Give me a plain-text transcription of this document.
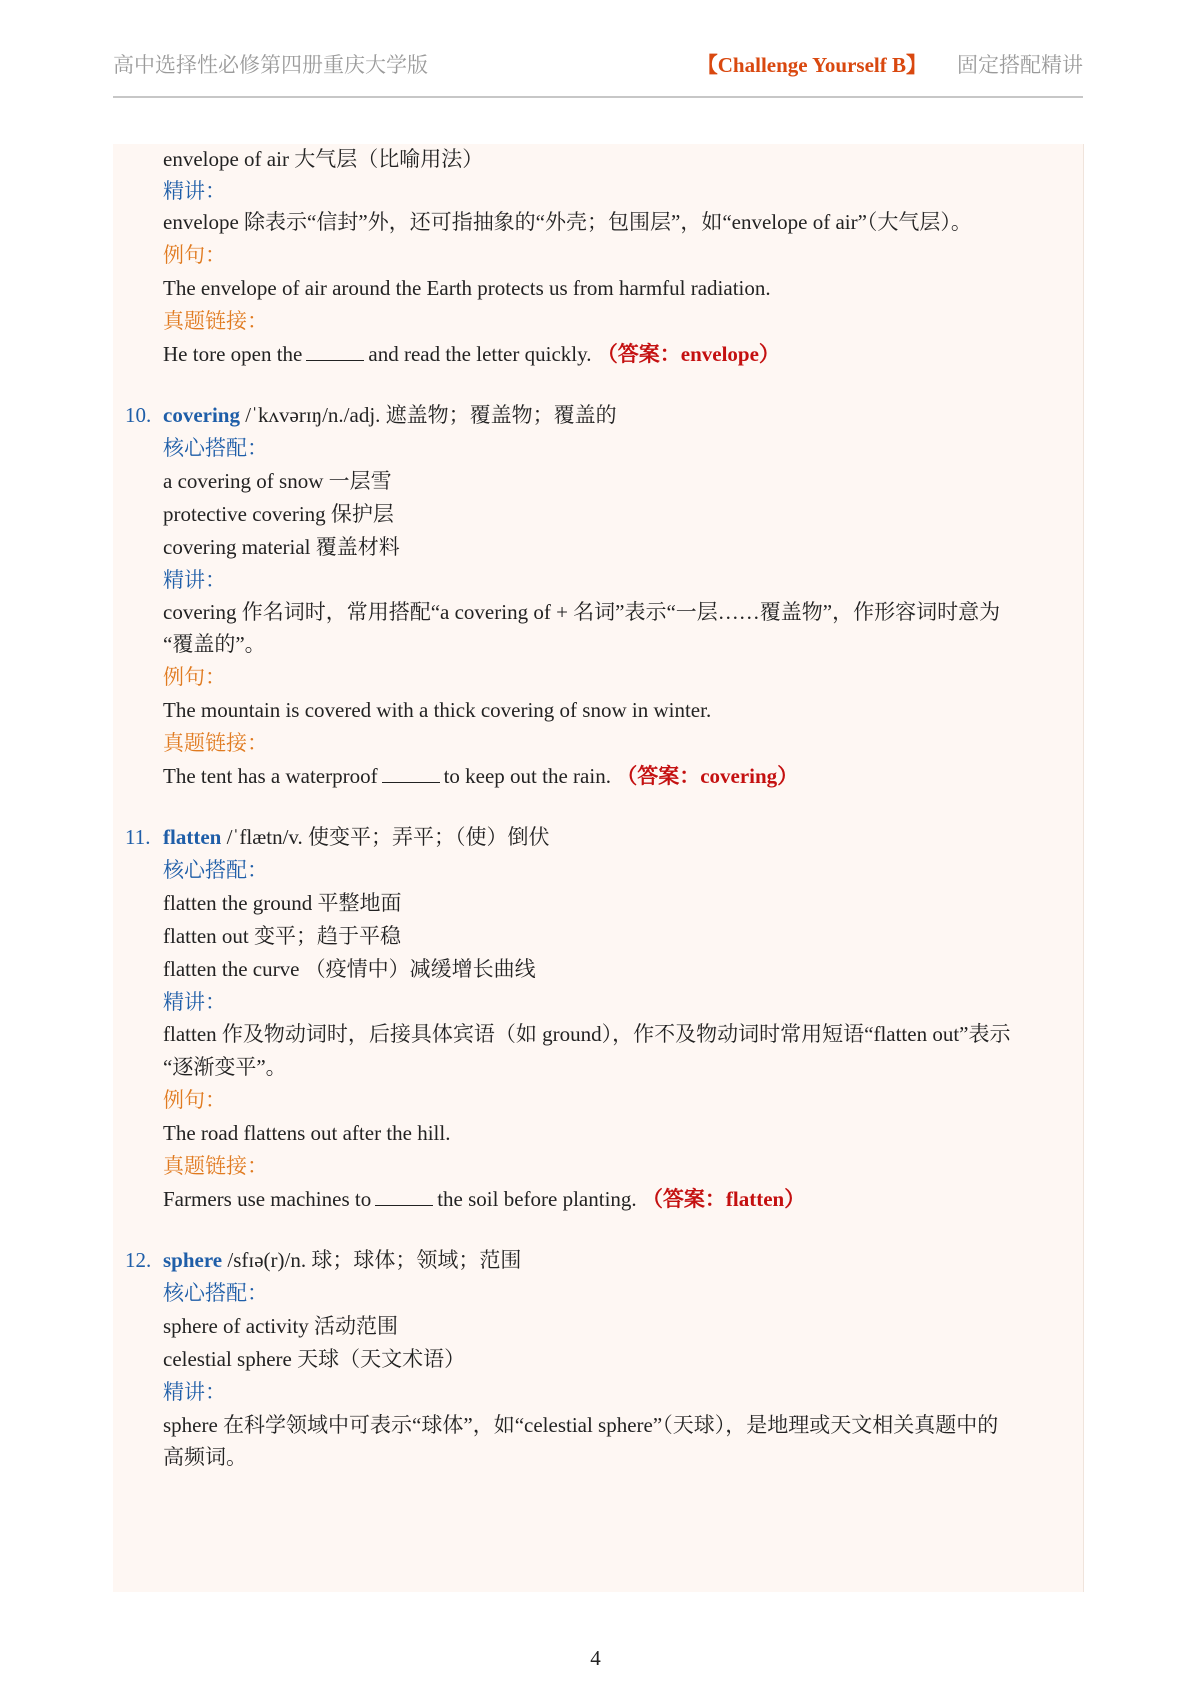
高中选择性必修第四册重庆大学版	【Challenge Yourself B】 固定搭配精讲
envelope of air 大气层（比喻用法）
精讲：
envelope 除表示“信封”外，还可指抽象的“外壳；包围层”，如“envelope of air”（大气层）。
例句：
The envelope of air around the Earth protects us from harmful radiation.
真题链接：
He tore open the	and read the letter quickly. （答案：envelope）
10. covering /ˈkʌvərɪŋ/n./adj. 遮盖物；覆盖物；覆盖的
核心搭配：
a covering of snow 一层雪
protective covering 保护层
covering material 覆盖材料
精讲：
covering 作名词时，常用搭配“a covering of + 名词”表示“一层……覆盖物”，作形容词时意为
“覆盖的”。
例句：
The mountain is covered with a thick covering of snow in winter.
真题链接：
The tent has a waterproof	to keep out the rain. （答案：covering）
11. flatten /ˈflætn/v. 使变平；弄平；（使）倒伏
核心搭配：
flatten the ground 平整地面
flatten out 变平；趋于平稳
flatten the curve （疫情中）减缓增长曲线
精讲：
flatten 作及物动词时，后接具体宾语（如 ground），作不及物动词时常用短语“flatten out”表示
“逐渐变平”。
例句：
The road flattens out after the hill.
真题链接：
Farmers use machines to	the soil before planting. （答案：flatten）
12. sphere /sfɪə(r)/n. 球；球体；领域；范围
核心搭配：
sphere of activity 活动范围
celestial sphere 天球（天文术语）
精讲：
sphere 在科学领域中可表示“球体”，如“celestial sphere”（天球），是地理或天文相关真题中的
高频词。
4
